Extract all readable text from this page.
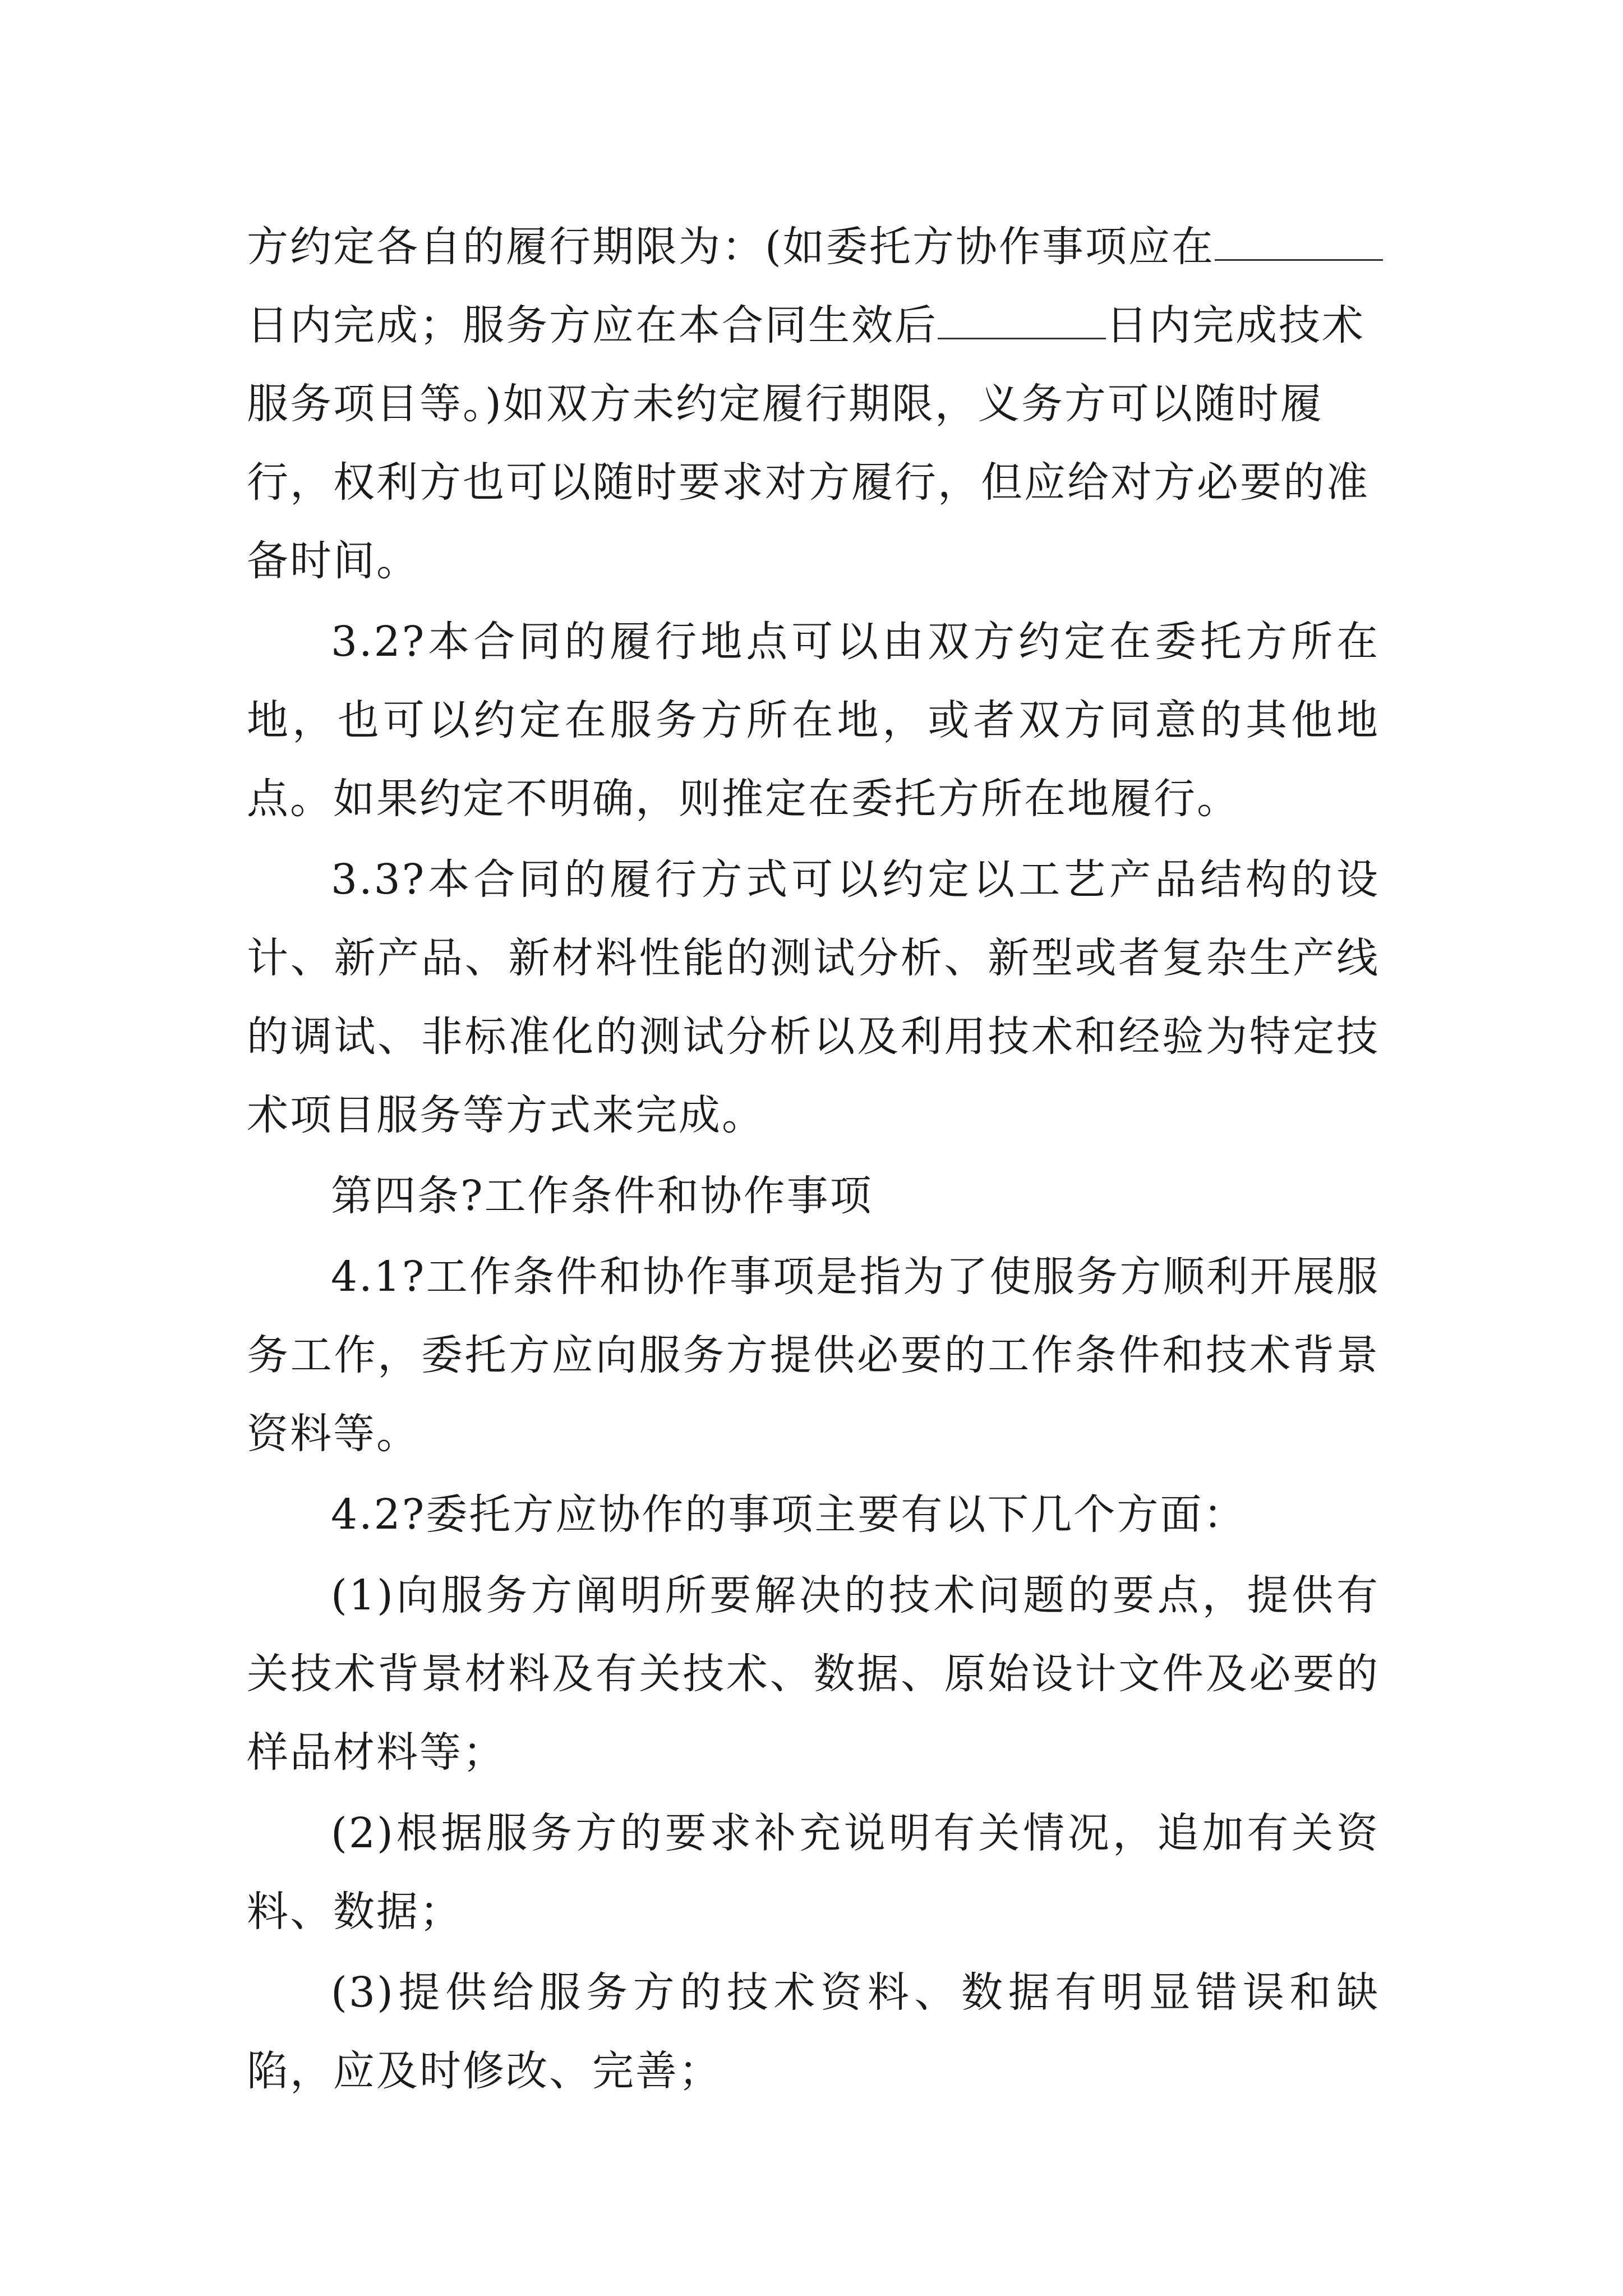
方约定各自的履行期限为：(如委托方协作事项应在
日内完成；服务方应在本合同生效后	日内完成技术
服务项目等。)如双方未约定履行期限，义务方可以随时履
行，权利方也可以随时要求对方履行，但应给对方必要的准
备时间。

3.2?本合同的履行地点可以由双方约定在委托方所在地，也可以约定在服务方所在地，或者双方同意的其他地点。如果约定不明确，则推定在委托方所在地履行。

3.3?本合同的履行方式可以约定以工艺产品结构的设计、新产品、新材料性能的测试分析、新型或者复杂生产线的调试、非标准化的测试分析以及利用技术和经验为特定技术项目服务等方式来完成。

第四条?工作条件和协作事项

4.1?工作条件和协作事项是指为了使服务方顺利开展服务工作，委托方应向服务方提供必要的工作条件和技术背景资料等。

4.2?委托方应协作的事项主要有以下几个方面：

(1)向服务方阐明所要解决的技术问题的要点，提供有关技术背景材料及有关技术、数据、原始设计文件及必要的样品材料等；

(2)根据服务方的要求补充说明有关情况，追加有关资料、数据；

(3)提供给服务方的技术资料、数据有明显错误和缺陷，应及时修改、完善；
